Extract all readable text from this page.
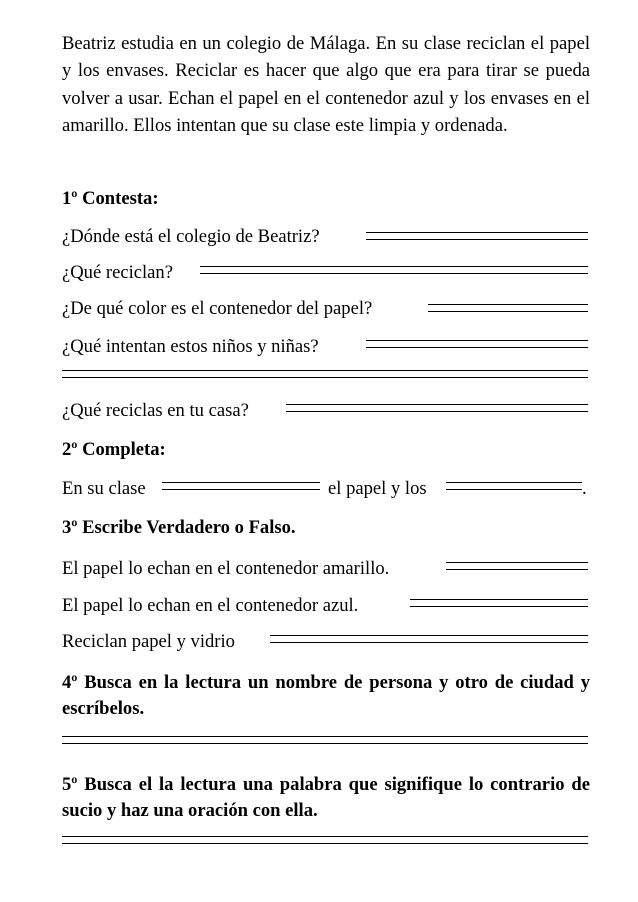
Beatriz estudia en un colegio de Málaga. En su clase reciclan el papel y los envases. Reciclar es hacer que algo que era para tirar se pueda volver a usar. Echan el papel en el contenedor azul y los envases en el amarillo. Ellos intentan que su clase este limpia y ordenada.
1º Contesta:
¿Dónde está el colegio de Beatriz?
¿Qué reciclan?
¿De qué color es el contenedor del papel?
¿Qué intentan estos niños y niñas?
¿Qué reciclas en tu casa?
2º Completa:
En su clase	el papel y los	.
3º Escribe Verdadero o Falso.
El papel lo echan en el contenedor amarillo.
El papel lo echan en el contenedor azul.
Reciclan papel y vidrio
4º Busca en la lectura un nombre de persona y otro de ciudad y escríbelos.
5º Busca el la lectura una palabra que signifique lo contrario de sucio y haz una oración con ella.
